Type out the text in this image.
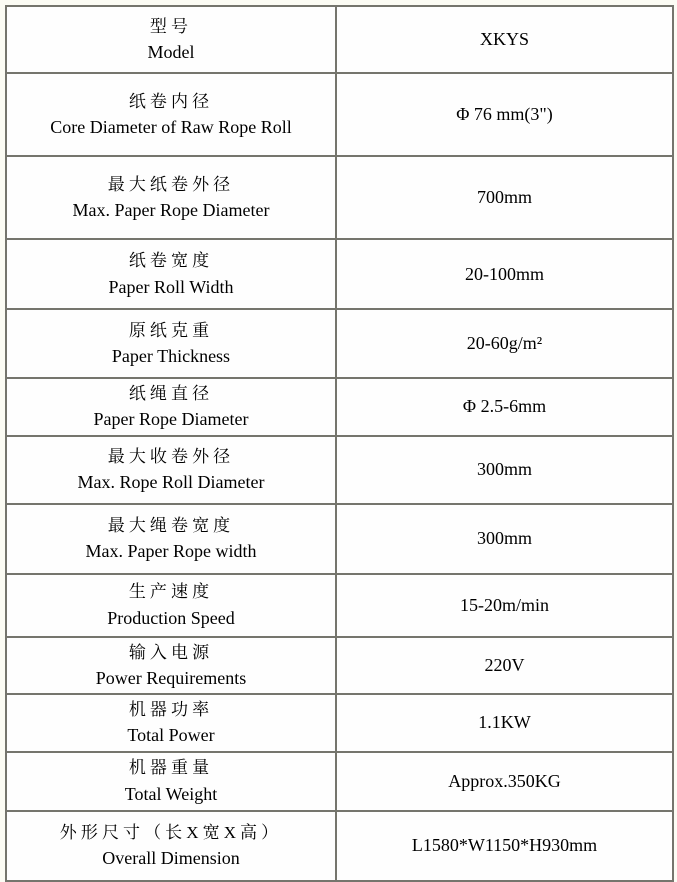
型号
Model	XKYS

纸卷内径
Core Diameter of Raw Rope Roll	Φ 76 mm(3")

最大纸卷外径
Max. Paper Rope Diameter	700mm

纸卷宽度
Paper Roll Width	20-100mm

原纸克重
Paper Thickness	20-60g/m²

纸绳直径
Paper Rope Diameter	Φ 2.5-6mm

最大收卷外径
Max. Rope Roll Diameter	300mm

最大绳卷宽度
Max. Paper Rope width	300mm

生产速度
Production Speed	15-20m/min

输入电源
Power Requirements	220V

机器功率
Total Power	1.1KW

机器重量
Total Weight	Approx.350KG

外形尺寸（长X宽X高）
Overall Dimension	L1580*W1150*H930mm
